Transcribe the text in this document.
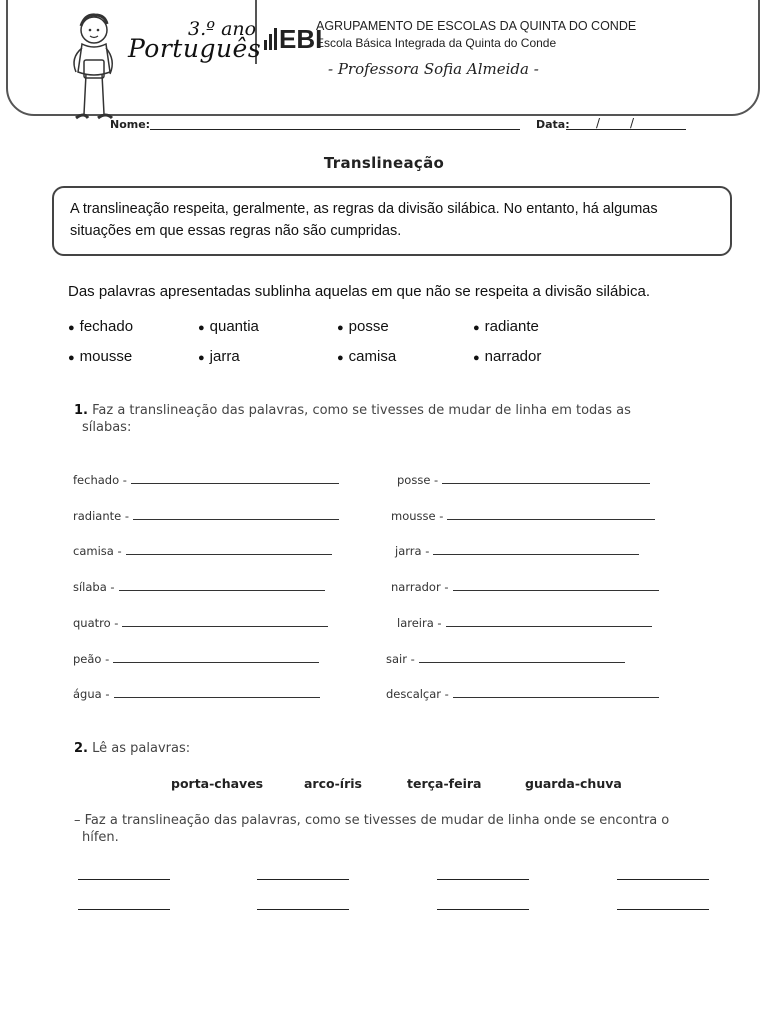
3.º ano
Português EBI
AGRUPAMENTO DE ESCOLAS DA QUINTA DO CONDE
Escola Básica Integrada da Quinta do Conde
- Professora Sofia Almeida -
Nome:	Data: / /
Translineação
A translineação respeita, geralmente, as regras da divisão silábica. No entanto, há algumas situações em que essas regras não são cumpridas.
Das palavras apresentadas sublinha aquelas em que não se respeita a divisão silábica.
● fechado	● quantia	● posse	● radiante
● mousse	● jarra	● camisa	● narrador
1. Faz a translineação das palavras, como se tivesses de mudar de linha em todas as
sílabas:
fechado -
radiante -
camisa -
sílaba -
quatro -
peão -
água -
posse -
mousse -
jarra -
narrador -
lareira -
sair -
descalçar -
2. Lê as palavras:
porta-chaves	arco-íris	terça-feira	guarda-chuva
– Faz a translineação das palavras, como se tivesses de mudar de linha onde se encontra o
hífen.
